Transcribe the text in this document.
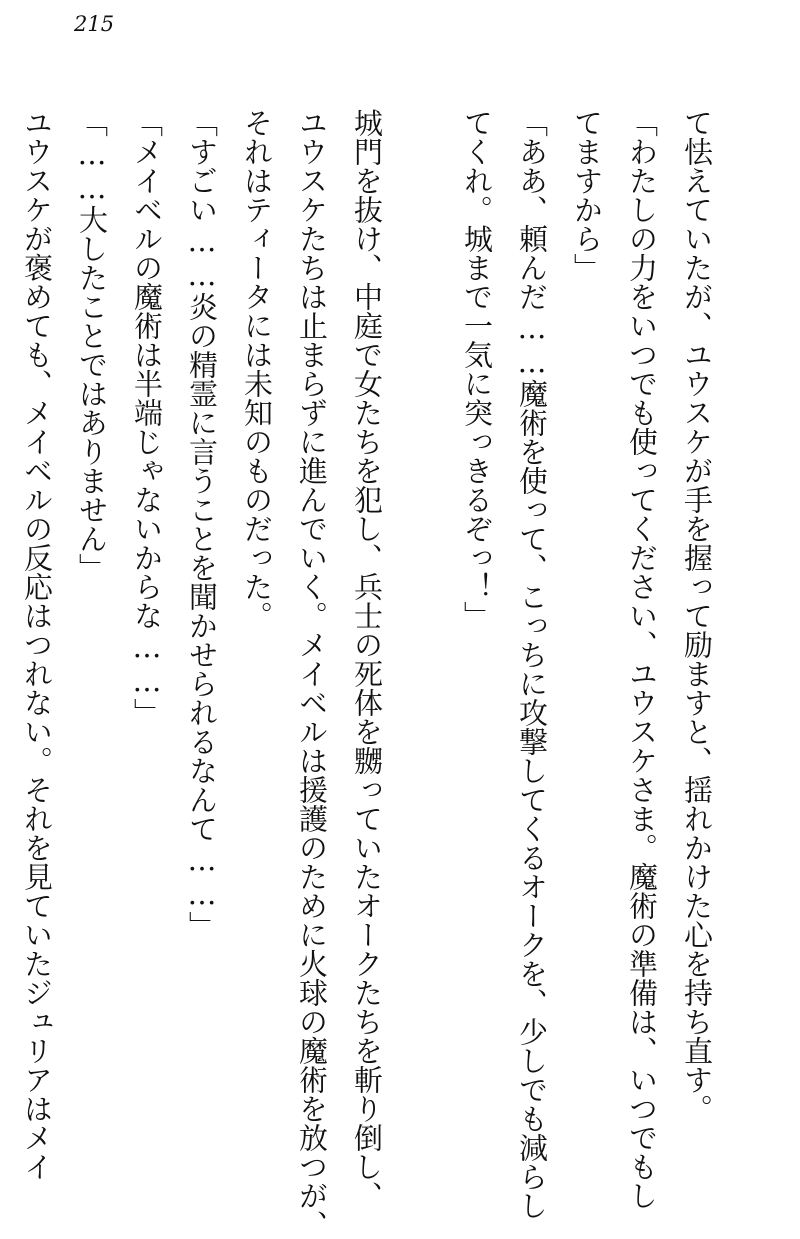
215
て怯えていたが、ユウスケが手を握って励ますと、揺れかけた心を持ち直す。
「わたしの力をいつでも使ってください、ユウスケさま。魔術の準備は、いつでもし
てますから」
「ああ、頼んだ……魔術を使って、こっちに攻撃してくるオークを、少しでも減らし
てくれ。城まで一気に突っきるぞっ！」

城門を抜け、中庭で女たちを犯し、兵士の死体を嬲っていたオークたちを斬り倒し、
ユウスケたちは止まらずに進んでいく。メイベルは援護のために火球の魔術を放つが、
それはティータには未知のものだった。
「すごい……炎の精霊に言うことを聞かせられるなんて……」
「メイベルの魔術は半端じゃないからな……」
「……大したことではありません」
ユウスケが褒めても、メイベルの反応はつれない。それを見ていたジュリアはメイ
